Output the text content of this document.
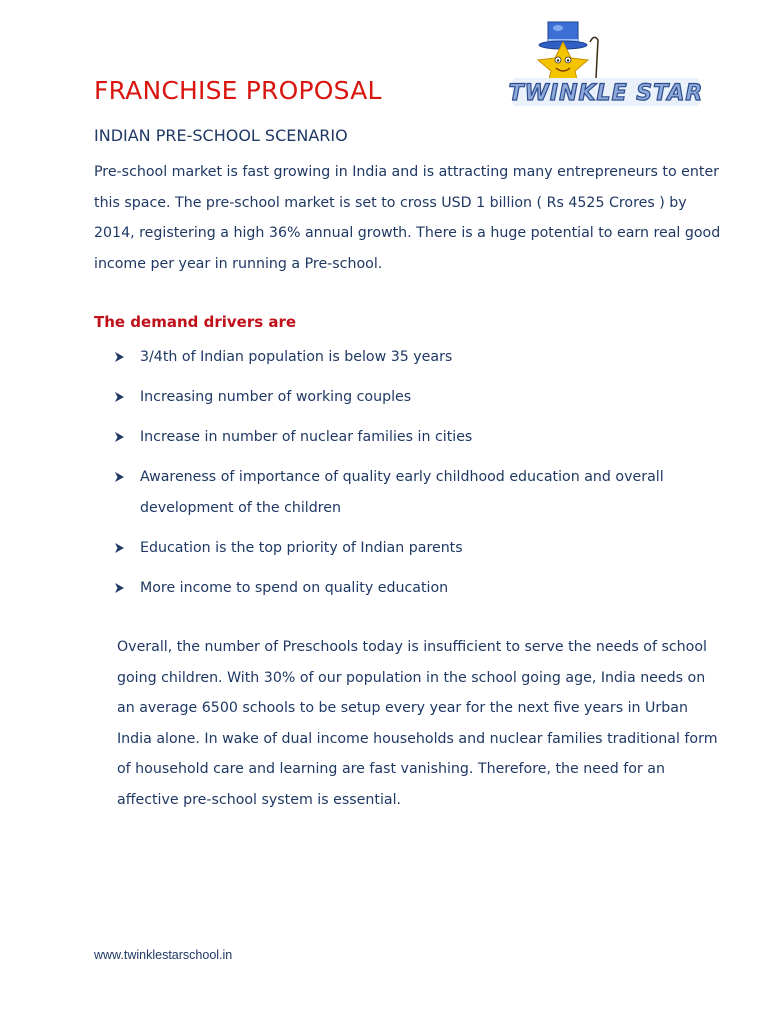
FRANCHISE PROPOSAL	TWINKLE STAR
INDIAN PRE-SCHOOL SCENARIO
Pre-school market is fast growing in India and is attracting many entrepreneurs to enter this space. The pre-school market is set to cross USD 1 billion ( Rs 4525 Crores ) by 2014, registering a high 36% annual growth. There is a huge potential to earn real good income per year in running a Pre-school.
The demand drivers are
3/4th of Indian population is below 35 years
Increasing number of working couples
Increase in number of nuclear families in cities
Awareness of importance of quality early childhood education and overall development of the children
Education is the top priority of Indian parents
More income to spend on quality education
Overall, the number of Preschools today is insufficient to serve the needs of school going children. With 30% of our population in the school going age, India needs on an average 6500 schools to be setup every year for the next five years in Urban India alone. In wake of dual income households and nuclear families traditional form of household care and learning are fast vanishing. Therefore, the need for an affective pre-school system is essential.
www.twinklestarschool.in
